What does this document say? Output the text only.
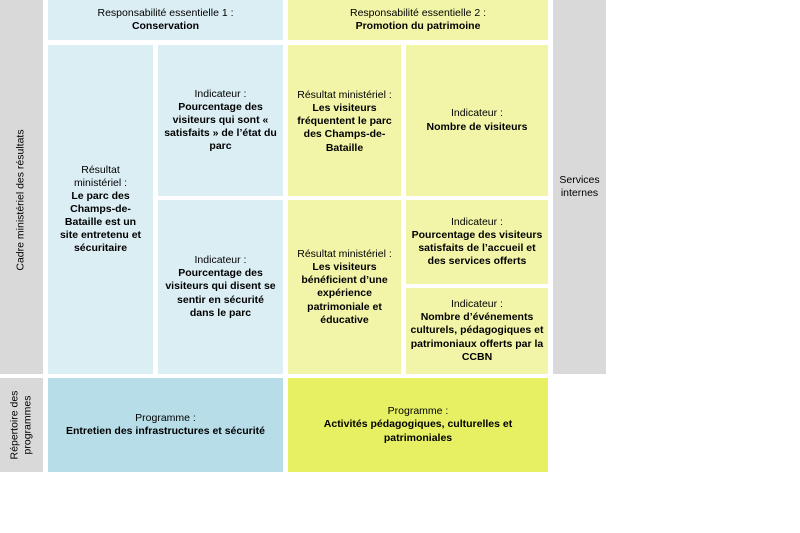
Cadre ministériel des résultats
Répertoire des programmes
Responsabilité essentielle 1 :
Conservation
Responsabilité essentielle 2 :
Promotion du patrimoine
Résultat ministériel :
Le parc des Champs-de-Bataille est un site entretenu et sécuritaire
Indicateur :
Pourcentage des visiteurs qui sont « satisfaits » de l’état du parc
Indicateur :
Pourcentage des visiteurs qui disent se sentir en sécurité dans le parc
Résultat ministériel :
Les visiteurs fréquentent le parc des Champs-de-Bataille
Indicateur :
Nombre de visiteurs
Résultat ministériel :
Les visiteurs bénéficient d’une expérience patrimoniale et éducative
Indicateur :
Pourcentage des visiteurs satisfaits de l’accueil et des services offerts
Indicateur :
Nombre d’événements culturels, pédagogiques et patrimoniaux offerts par la CCBN
Services internes
Programme :
Entretien des infrastructures et sécurité
Programme :
Activités pédagogiques, culturelles et patrimoniales
